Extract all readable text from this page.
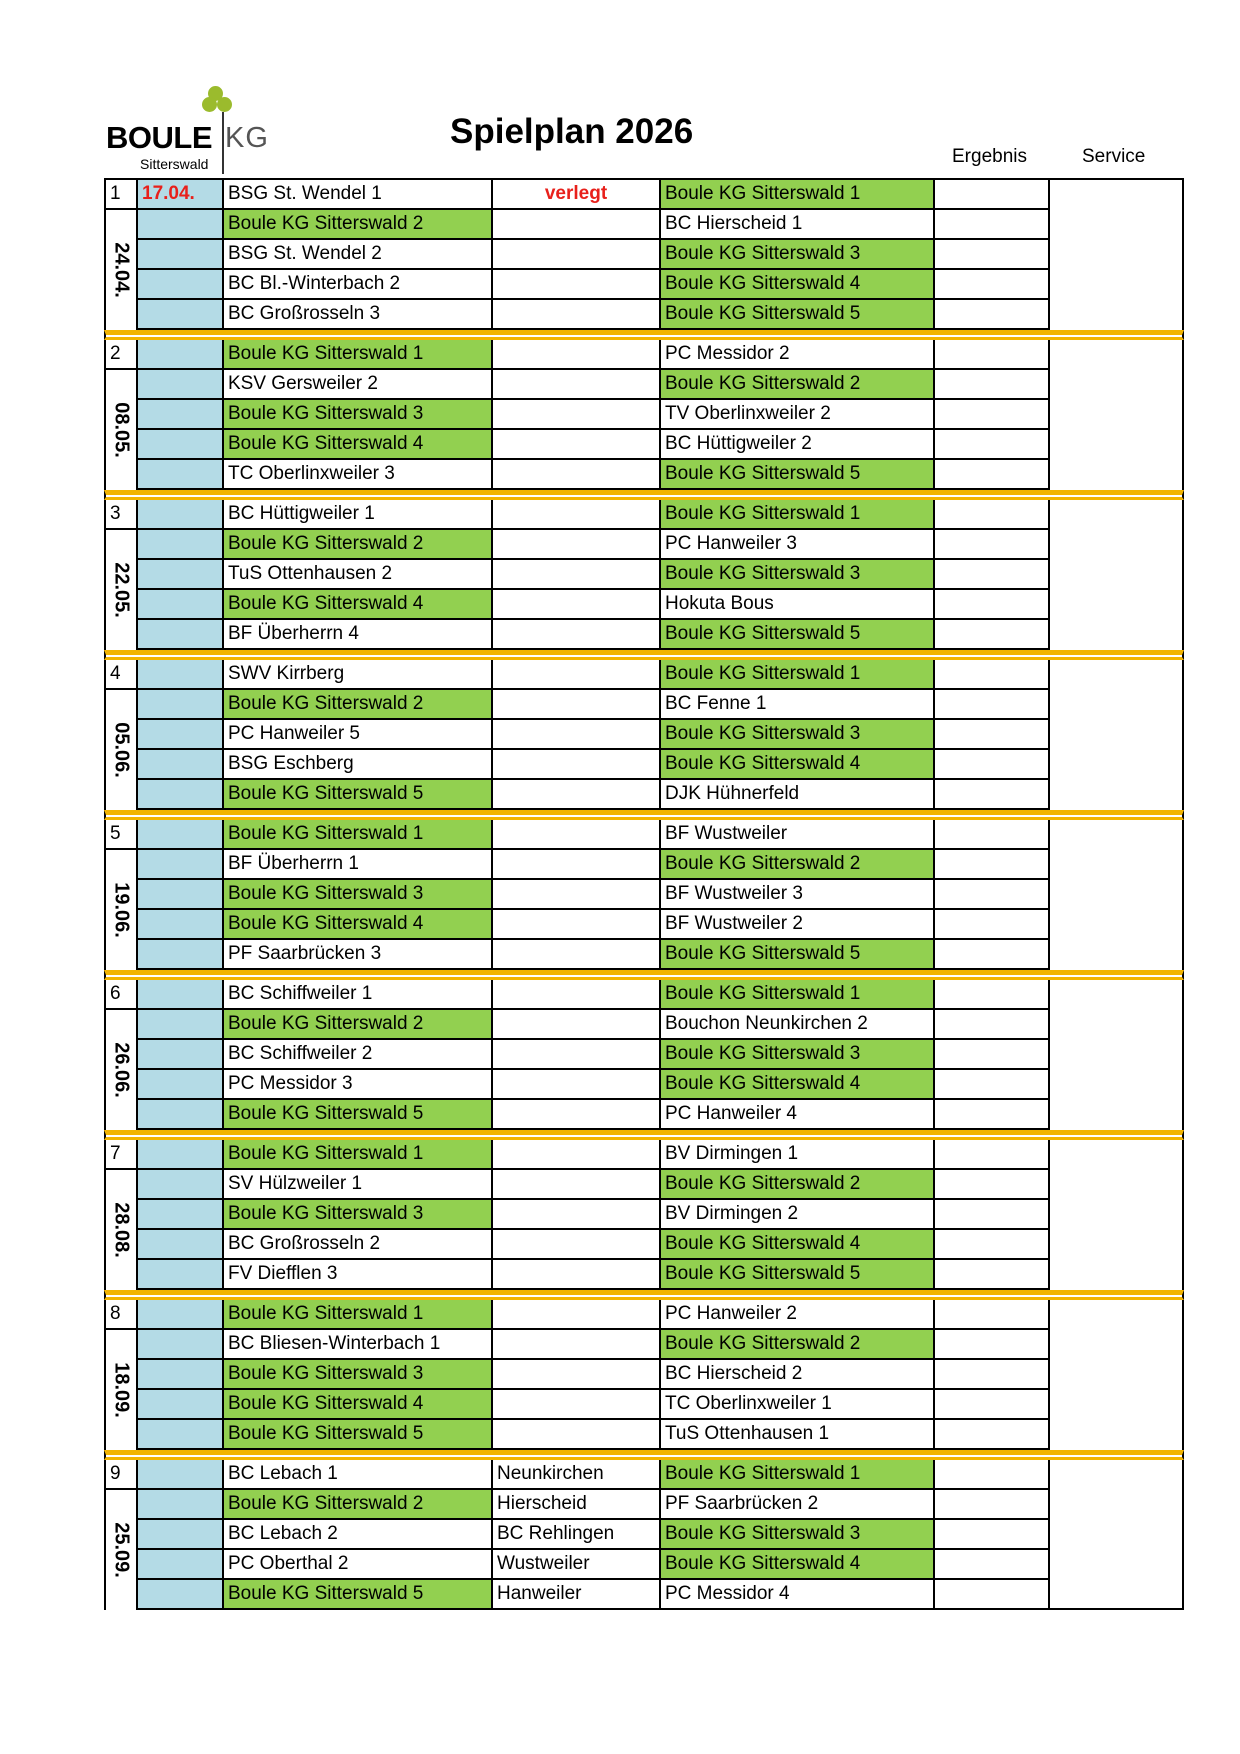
BOULE KG
Sitterswald
Spielplan 2026
Ergebnis	Service
1	17.04.	BSG St. Wendel 1	verlegt	Boule KG Sitterswald 1
Boule KG Sitterswald 2	BC Hierscheid 1
BSG St. Wendel 2	Boule KG Sitterswald 3
BC Bl.-Winterbach 2	Boule KG Sitterswald 4
BC Großrosseln 3	Boule KG Sitterswald 5
24.04.
2	Boule KG Sitterswald 1	PC Messidor 2
KSV Gersweiler 2	Boule KG Sitterswald 2
Boule KG Sitterswald 3	TV Oberlinxweiler 2
Boule KG Sitterswald 4	BC Hüttigweiler 2
TC Oberlinxweiler 3	Boule KG Sitterswald 5
08.05.
3	BC Hüttigweiler 1	Boule KG Sitterswald 1
Boule KG Sitterswald 2	PC Hanweiler 3
TuS Ottenhausen 2	Boule KG Sitterswald 3
Boule KG Sitterswald 4	Hokuta Bous
BF Überherrn 4	Boule KG Sitterswald 5
22.05.
4	SWV Kirrberg	Boule KG Sitterswald 1
Boule KG Sitterswald 2	BC Fenne 1
PC Hanweiler 5	Boule KG Sitterswald 3
BSG Eschberg	Boule KG Sitterswald 4
Boule KG Sitterswald 5	DJK Hühnerfeld
05.06.
5	Boule KG Sitterswald 1	BF Wustweiler
BF Überherrn 1	Boule KG Sitterswald 2
Boule KG Sitterswald 3	BF Wustweiler 3
Boule KG Sitterswald 4	BF Wustweiler 2
PF Saarbrücken 3	Boule KG Sitterswald 5
19.06.
6	BC Schiffweiler 1	Boule KG Sitterswald 1
Boule KG Sitterswald 2	Bouchon Neunkirchen 2
BC Schiffweiler 2	Boule KG Sitterswald 3
PC Messidor 3	Boule KG Sitterswald 4
Boule KG Sitterswald 5	PC Hanweiler 4
26.06.
7	Boule KG Sitterswald 1	BV Dirmingen 1
SV Hülzweiler 1	Boule KG Sitterswald 2
Boule KG Sitterswald 3	BV Dirmingen 2
BC Großrosseln 2	Boule KG Sitterswald 4
FV Diefflen 3	Boule KG Sitterswald 5
28.08.
8	Boule KG Sitterswald 1	PC Hanweiler 2
BC Bliesen-Winterbach 1	Boule KG Sitterswald 2
Boule KG Sitterswald 3	BC Hierscheid 2
Boule KG Sitterswald 4	TC Oberlinxweiler 1
Boule KG Sitterswald 5	TuS Ottenhausen 1
18.09.
9	BC Lebach 1	Neunkirchen	Boule KG Sitterswald 1
Boule KG Sitterswald 2	Hierscheid	PF Saarbrücken 2
BC Lebach 2	BC Rehlingen	Boule KG Sitterswald 3
PC Oberthal 2	Wustweiler	Boule KG Sitterswald 4
Boule KG Sitterswald 5	Hanweiler	PC Messidor 4
25.09.
